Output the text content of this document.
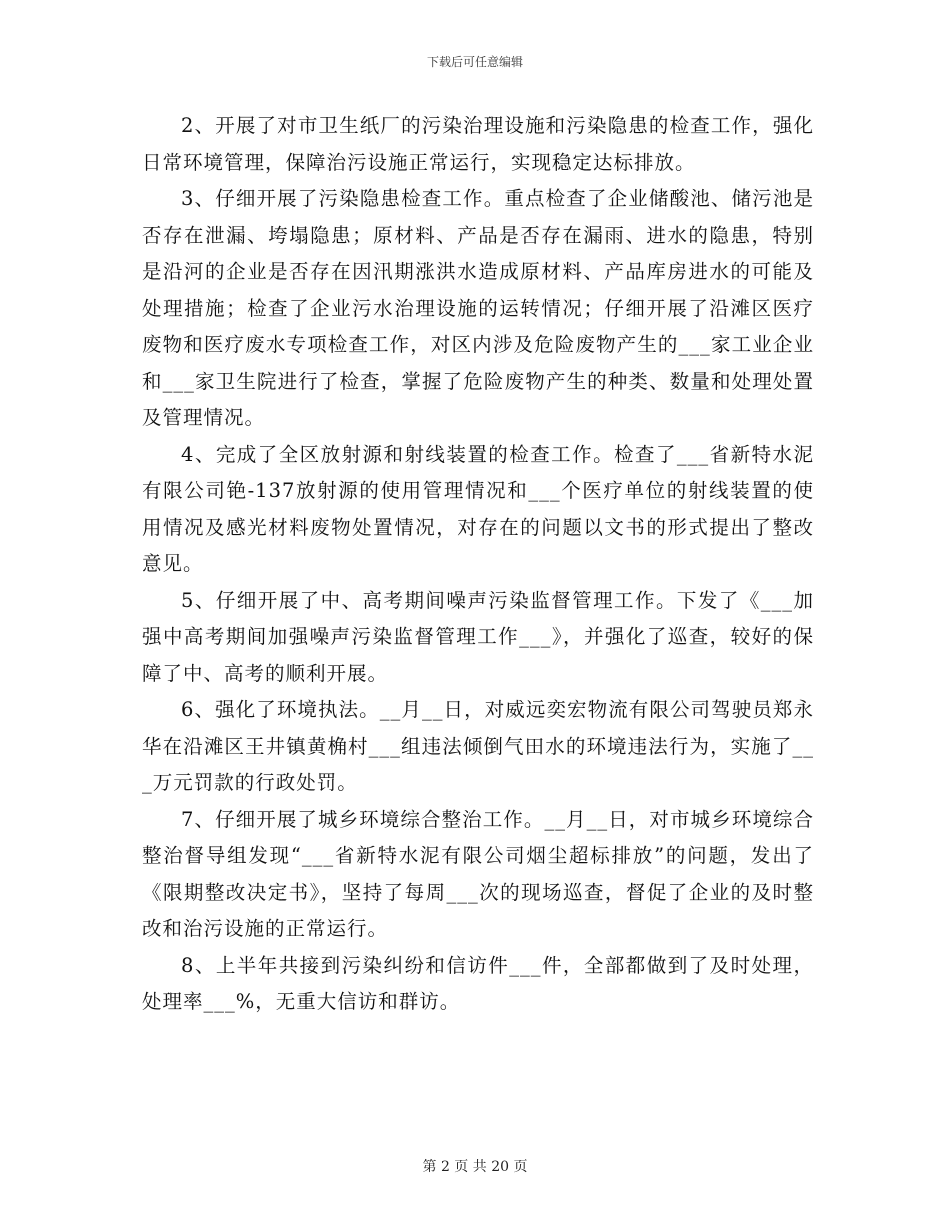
下载后可任意编辑

2、开展了对市卫生纸厂的污染治理设施和污染隐患的检查工作，强化日常环境管理，保障治污设施正常运行，实现稳定达标排放。

3、仔细开展了污染隐患检查工作。重点检查了企业储酸池、储污池是否存在泄漏、垮塌隐患；原材料、产品是否存在漏雨、进水的隐患，特别是沿河的企业是否存在因汛期涨洪水造成原材料、产品库房进水的可能及处理措施；检查了企业污水治理设施的运转情况；仔细开展了沿滩区医疗废物和医疗废水专项检查工作，对区内涉及危险废物产生的___家工业企业和___家卫生院进行了检查，掌握了危险废物产生的种类、数量和处理处置及管理情况。

4、完成了全区放射源和射线装置的检查工作。检查了___省新特水泥有限公司铯-137放射源的使用管理情况和___个医疗单位的射线装置的使用情况及感光材料废物处置情况，对存在的问题以文书的形式提出了整改意见。

5、仔细开展了中、高考期间噪声污染监督管理工作。下发了《___加强中高考期间加强噪声污染监督管理工作___》，并强化了巡查，较好的保障了中、高考的顺利开展。

6、强化了环境执法。__月__日，对威远奕宏物流有限公司驾驶员郑永华在沿滩区王井镇黄桷村___组违法倾倒气田水的环境违法行为，实施了___万元罚款的行政处罚。

7、仔细开展了城乡环境综合整治工作。__月__日，对市城乡环境综合整治督导组发现“___省新特水泥有限公司烟尘超标排放”的问题，发出了《限期整改决定书》，坚持了每周___次的现场巡查，督促了企业的及时整改和治污设施的正常运行。

8、上半年共接到污染纠纷和信访件___件，全部都做到了及时处理，处理率___%，无重大信访和群访。

第 2 页 共 20 页
